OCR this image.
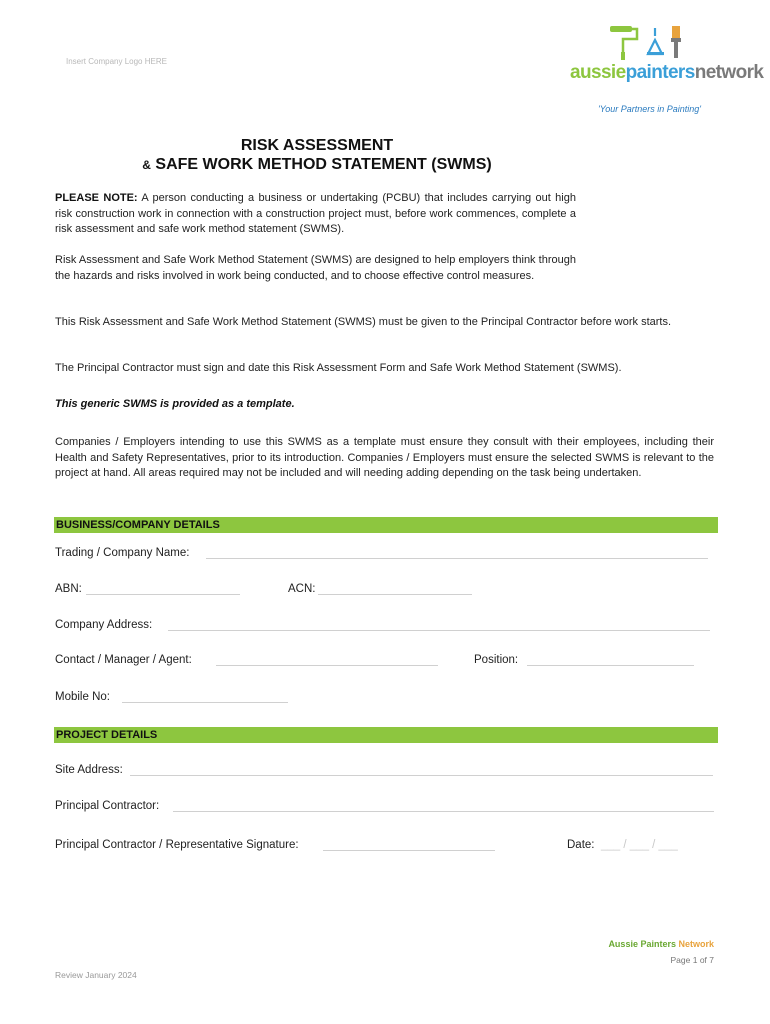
Insert Company Logo HERE
aussiepaintersnetwork
'Your Partners in Painting'
RISK ASSESSMENT
& SAFE WORK METHOD STATEMENT (SWMS)
PLEASE NOTE: A person conducting a business or undertaking (PCBU) that includes carrying out high risk construction work in connection with a construction project must, before work commences, complete a risk assessment and safe work method statement (SWMS).
Risk Assessment and Safe Work Method Statement (SWMS) are designed to help employers think through the hazards and risks involved in work being conducted, and to choose effective control measures.
This Risk Assessment and Safe Work Method Statement (SWMS) must be given to the Principal Contractor before work starts.
The Principal Contractor must sign and date this Risk Assessment Form and Safe Work Method Statement (SWMS).
This generic SWMS is provided as a template.
Companies / Employers intending to use this SWMS as a template must ensure they consult with their employees, including their Health and Safety Representatives, prior to its introduction. Companies / Employers must ensure the selected SWMS is relevant to the project at hand. All areas required may not be included and will needing adding depending on the task being undertaken.
BUSINESS/COMPANY DETAILS
Trading / Company Name:
ABN:	ACN:
Company Address:
Contact / Manager / Agent:	Position:
Mobile No:
PROJECT DETAILS
Site Address:
Principal Contractor:
Principal Contractor / Representative Signature:	Date: ___ / ___ / ___
Aussie Painters Network
Page 1 of 7
Review January 2024
